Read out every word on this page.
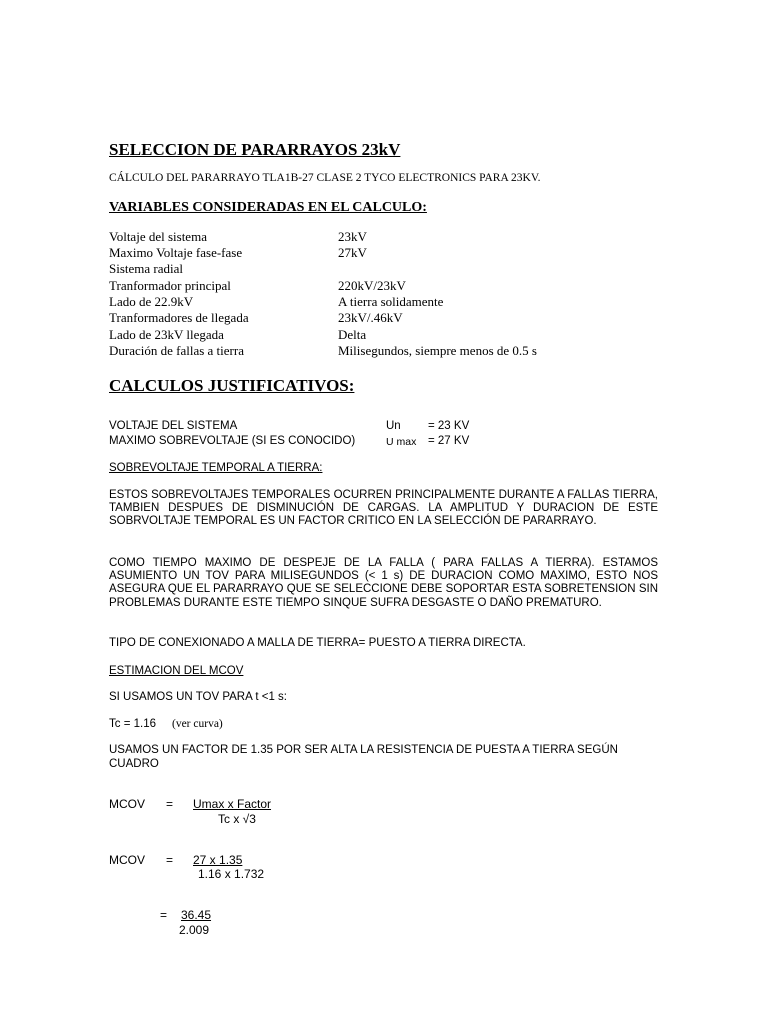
SELECCION DE PARARRAYOS 23kV
CÁLCULO DEL PARARRAYO TLA1B-27 CLASE 2 TYCO ELECTRONICS PARA 23KV.
VARIABLES CONSIDERADAS EN EL CALCULO:
Voltaje del sistema	23kV
Maximo Voltaje fase-fase	27kV
Sistema radial
Tranformador principal	220kV/23kV
Lado de 22.9kV	A tierra solidamente
Tranformadores de llegada	23kV/.46kV
Lado de 23kV llegada	Delta
Duración de fallas a tierra	Milisegundos, siempre menos de 0.5 s
CALCULOS JUSTIFICATIVOS:
VOLTAJE DEL SISTEMA	Un = 23 KV
MAXIMO SOBREVOLTAJE (SI ES CONOCIDO)	U max = 27 KV
SOBREVOLTAJE TEMPORAL A TIERRA:
ESTOS SOBREVOLTAJES TEMPORALES OCURREN PRINCIPALMENTE DURANTE A FALLAS TIERRA, TAMBIEN DESPUES DE DISMINUCIÓN DE CARGAS. LA AMPLITUD Y DURACION DE ESTE SOBRVOLTAJE TEMPORAL ES UN FACTOR CRITICO EN LA SELECCIÓN DE PARARRAYO.
COMO TIEMPO MAXIMO DE DESPEJE DE LA FALLA ( PARA FALLAS A TIERRA). ESTAMOS ASUMIENTO UN TOV PARA MILISEGUNDOS (< 1 s) DE DURACION COMO MAXIMO, ESTO NOS ASEGURA QUE EL PARARRAYO QUE SE SELECCIONE DEBE SOPORTAR ESTA SOBRETENSION SIN PROBLEMAS DURANTE ESTE TIEMPO SINQUE SUFRA DESGASTE O DAÑO PREMATURO.
TIPO DE CONEXIONADO A MALLA DE TIERRA= PUESTO A TIERRA DIRECTA.
ESTIMACION DEL MCOV
SI USAMOS UN TOV PARA t <1 s:
Tc = 1.16 (ver curva)
USAMOS UN FACTOR DE 1.35 POR SER ALTA LA RESISTENCIA DE PUESTA A TIERRA SEGÚN CUADRO
MCOV = Umax x Factor
Tc x √3
MCOV = 27 x 1.35
1.16 x 1.732
= 36.45
2.009
